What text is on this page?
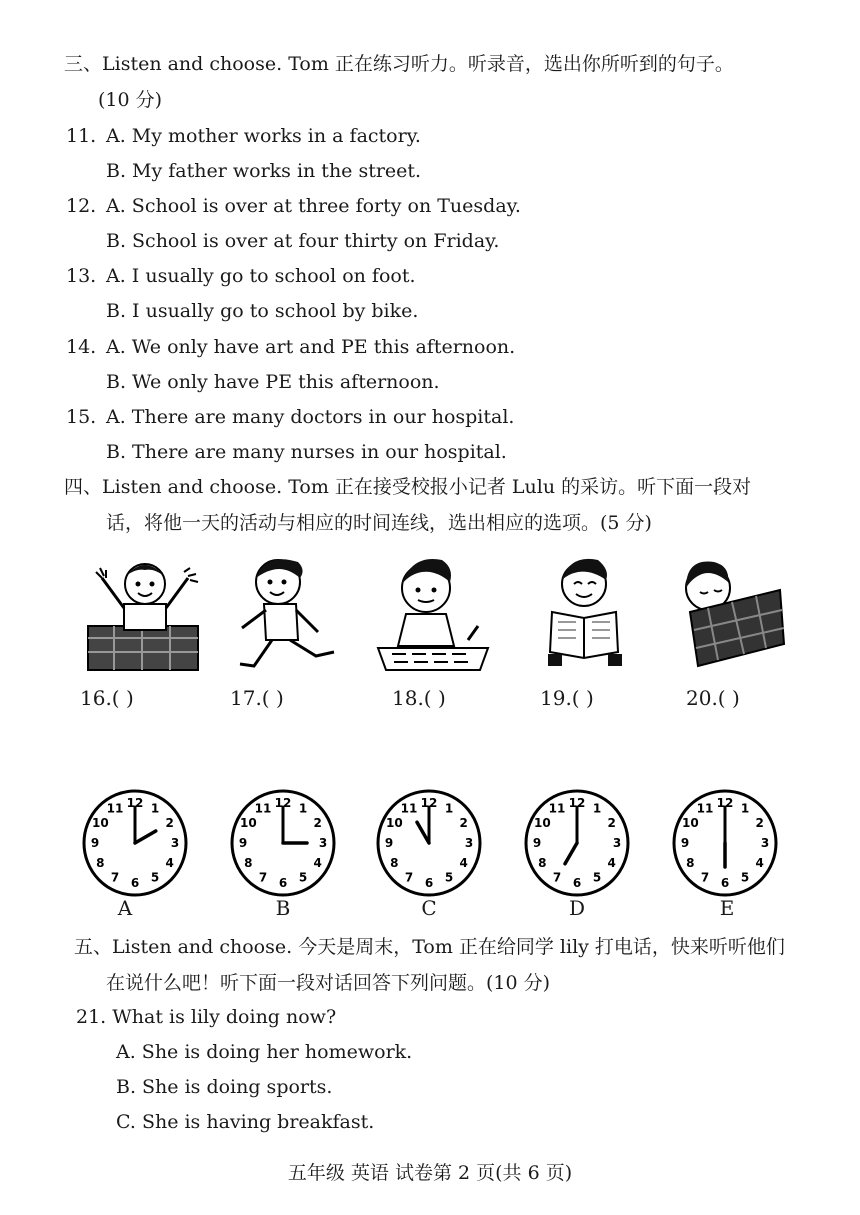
三、Listen and choose. Tom 正在练习听力。听录音，选出你所听到的句子。
(10 分)
11. A. My mother works in a factory.
B. My father works in the street.
12. A. School is over at three forty on Tuesday.
B. School is over at four thirty on Friday.
13. A. I usually go to school on foot.
B. I usually go to school by bike.
14. A. We only have art and PE this afternoon.
B. We only have PE this afternoon.
15. A. There are many doctors in our hospital.
B. There are many nurses in our hospital.
四、Listen and choose. Tom 正在接受校报小记者 Lulu 的采访。听下面一段对
话，将他一天的活动与相应的时间连线，选出相应的选项。(5 分)
16.( )	17.( )	18.( )	19.( )	20.( )
1
2
3
4
5
6
7
8
9
10
11 12	1
2
3
4
5
6
7
8
9
10
11 12	1
2
3
4
5
6
7
8
9
10
11 12	1
2
3
4
5
6
7
8
9
10
11 12	1
2
3
4
5
6
7
8
9
10
11 12
A	B	C	D	E
五、Listen and choose. 今天是周末，Tom 正在给同学 lily 打电话，快来听听他们
在说什么吧！听下面一段对话回答下列问题。(10 分)
21. What is lily doing now?
A. She is doing her homework.
B. She is doing sports.
C. She is having breakfast.
五年级 英语 试卷第 2 页(共 6 页)
